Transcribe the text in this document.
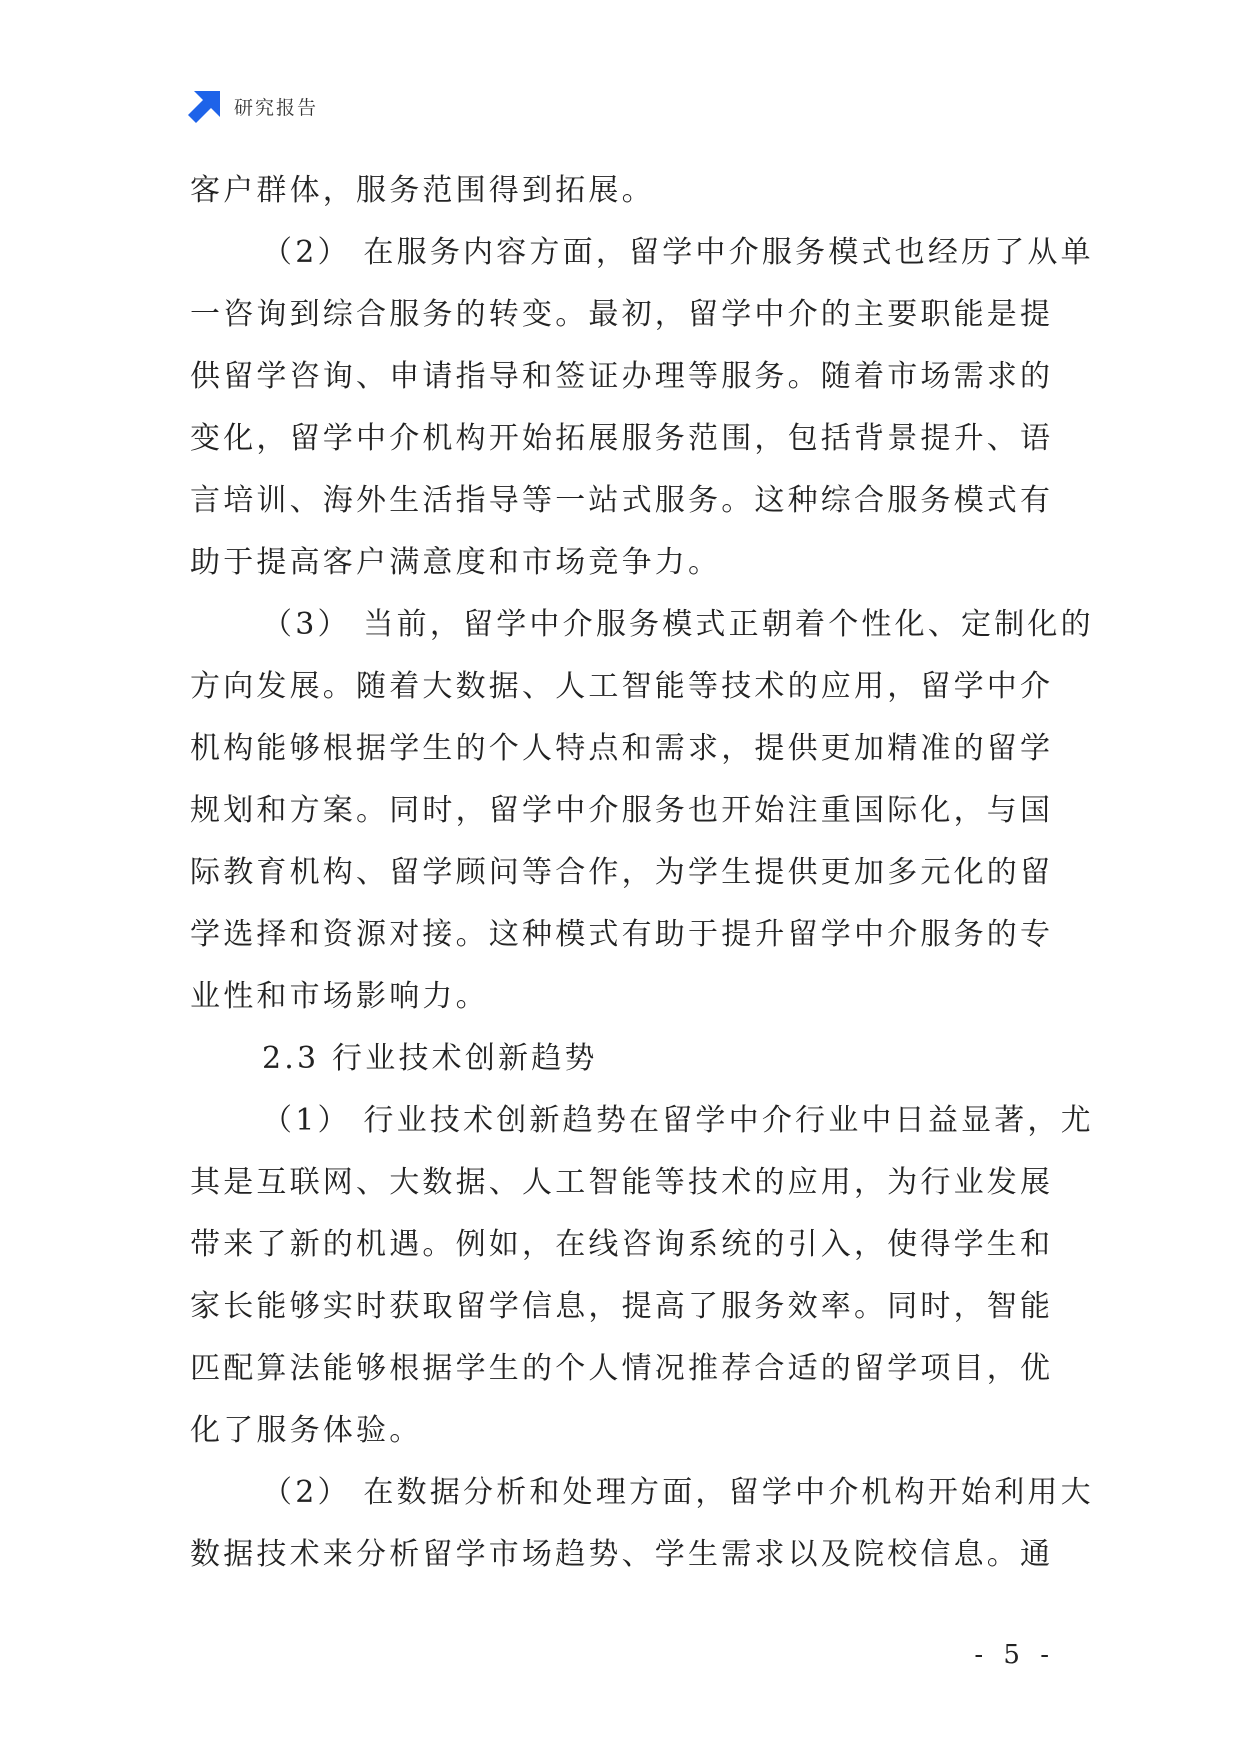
研究报告
客户群体，服务范围得到拓展。
（2） 在服务内容方面，留学中介服务模式也经历了从单
一咨询到综合服务的转变。最初，留学中介的主要职能是提
供留学咨询、申请指导和签证办理等服务。随着市场需求的
变化，留学中介机构开始拓展服务范围，包括背景提升、语
言培训、海外生活指导等一站式服务。这种综合服务模式有
助于提高客户满意度和市场竞争力。
（3） 当前，留学中介服务模式正朝着个性化、定制化的
方向发展。随着大数据、人工智能等技术的应用，留学中介
机构能够根据学生的个人特点和需求，提供更加精准的留学
规划和方案。同时，留学中介服务也开始注重国际化，与国
际教育机构、留学顾问等合作，为学生提供更加多元化的留
学选择和资源对接。这种模式有助于提升留学中介服务的专
业性和市场影响力。
2.3 行业技术创新趋势
（1） 行业技术创新趋势在留学中介行业中日益显著，尤
其是互联网、大数据、人工智能等技术的应用，为行业发展
带来了新的机遇。例如，在线咨询系统的引入，使得学生和
家长能够实时获取留学信息，提高了服务效率。同时，智能
匹配算法能够根据学生的个人情况推荐合适的留学项目，优
化了服务体验。
（2） 在数据分析和处理方面，留学中介机构开始利用大
数据技术来分析留学市场趋势、学生需求以及院校信息。通
- 5 -
